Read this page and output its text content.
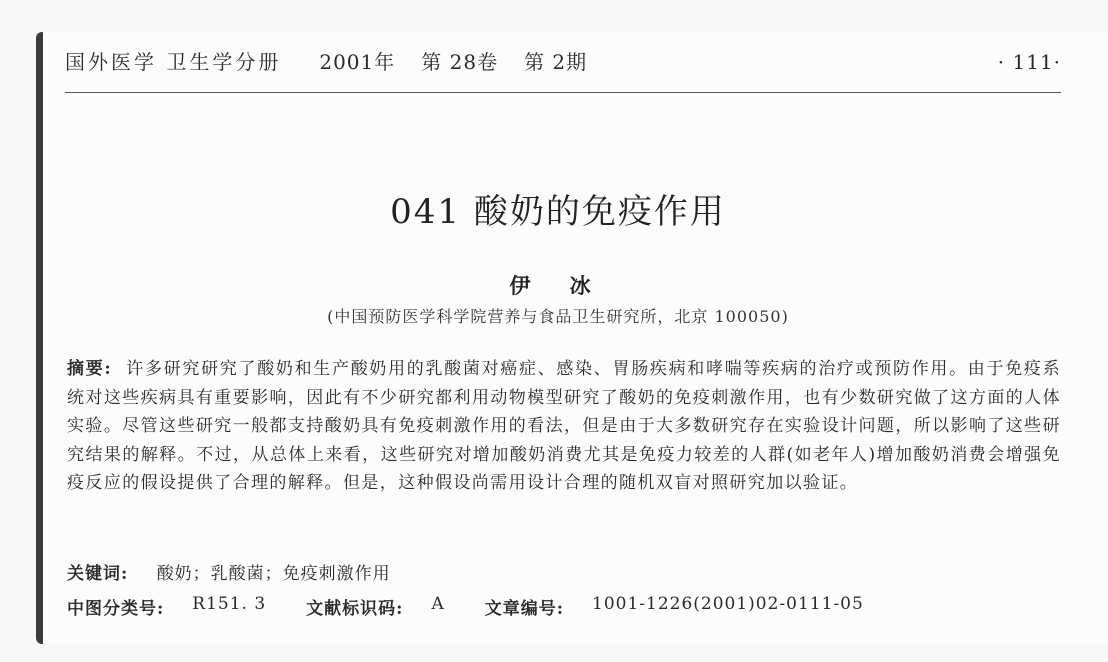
国外医学 卫生学分册 2001年 第 28卷 第 2期	· 111·
041 酸奶的免疫作用
伊 冰
(中国预防医学科学院营养与食品卫生研究所，北京 100050)

摘要: 许多研究研究了酸奶和生产酸奶用的乳酸菌对癌症、感染、胃肠疾病和哮喘等疾病的治疗或预防作用。由于免疫系统对这些疾病具有重要影响，因此有不少研究都利用动物模型研究了酸奶的免疫刺激作用，也有少数研究做了这方面的人体实验。尽管这些研究一般都支持酸奶具有免疫刺激作用的看法，但是由于大多数研究存在实验设计问题，所以影响了这些研究结果的解释。不过，从总体上来看，这些研究对增加酸奶消费尤其是免疫力较差的人群(如老年人)增加酸奶消费会增强免疫反应的假设提供了合理的解释。但是，这种假设尚需用设计合理的随机双盲对照研究加以验证。

关键词: 酸奶；乳酸菌；免疫刺激作用
中图分类号: R151. 3 文献标识码: A 文章编号: 1001-1226(2001)02-0111-05
